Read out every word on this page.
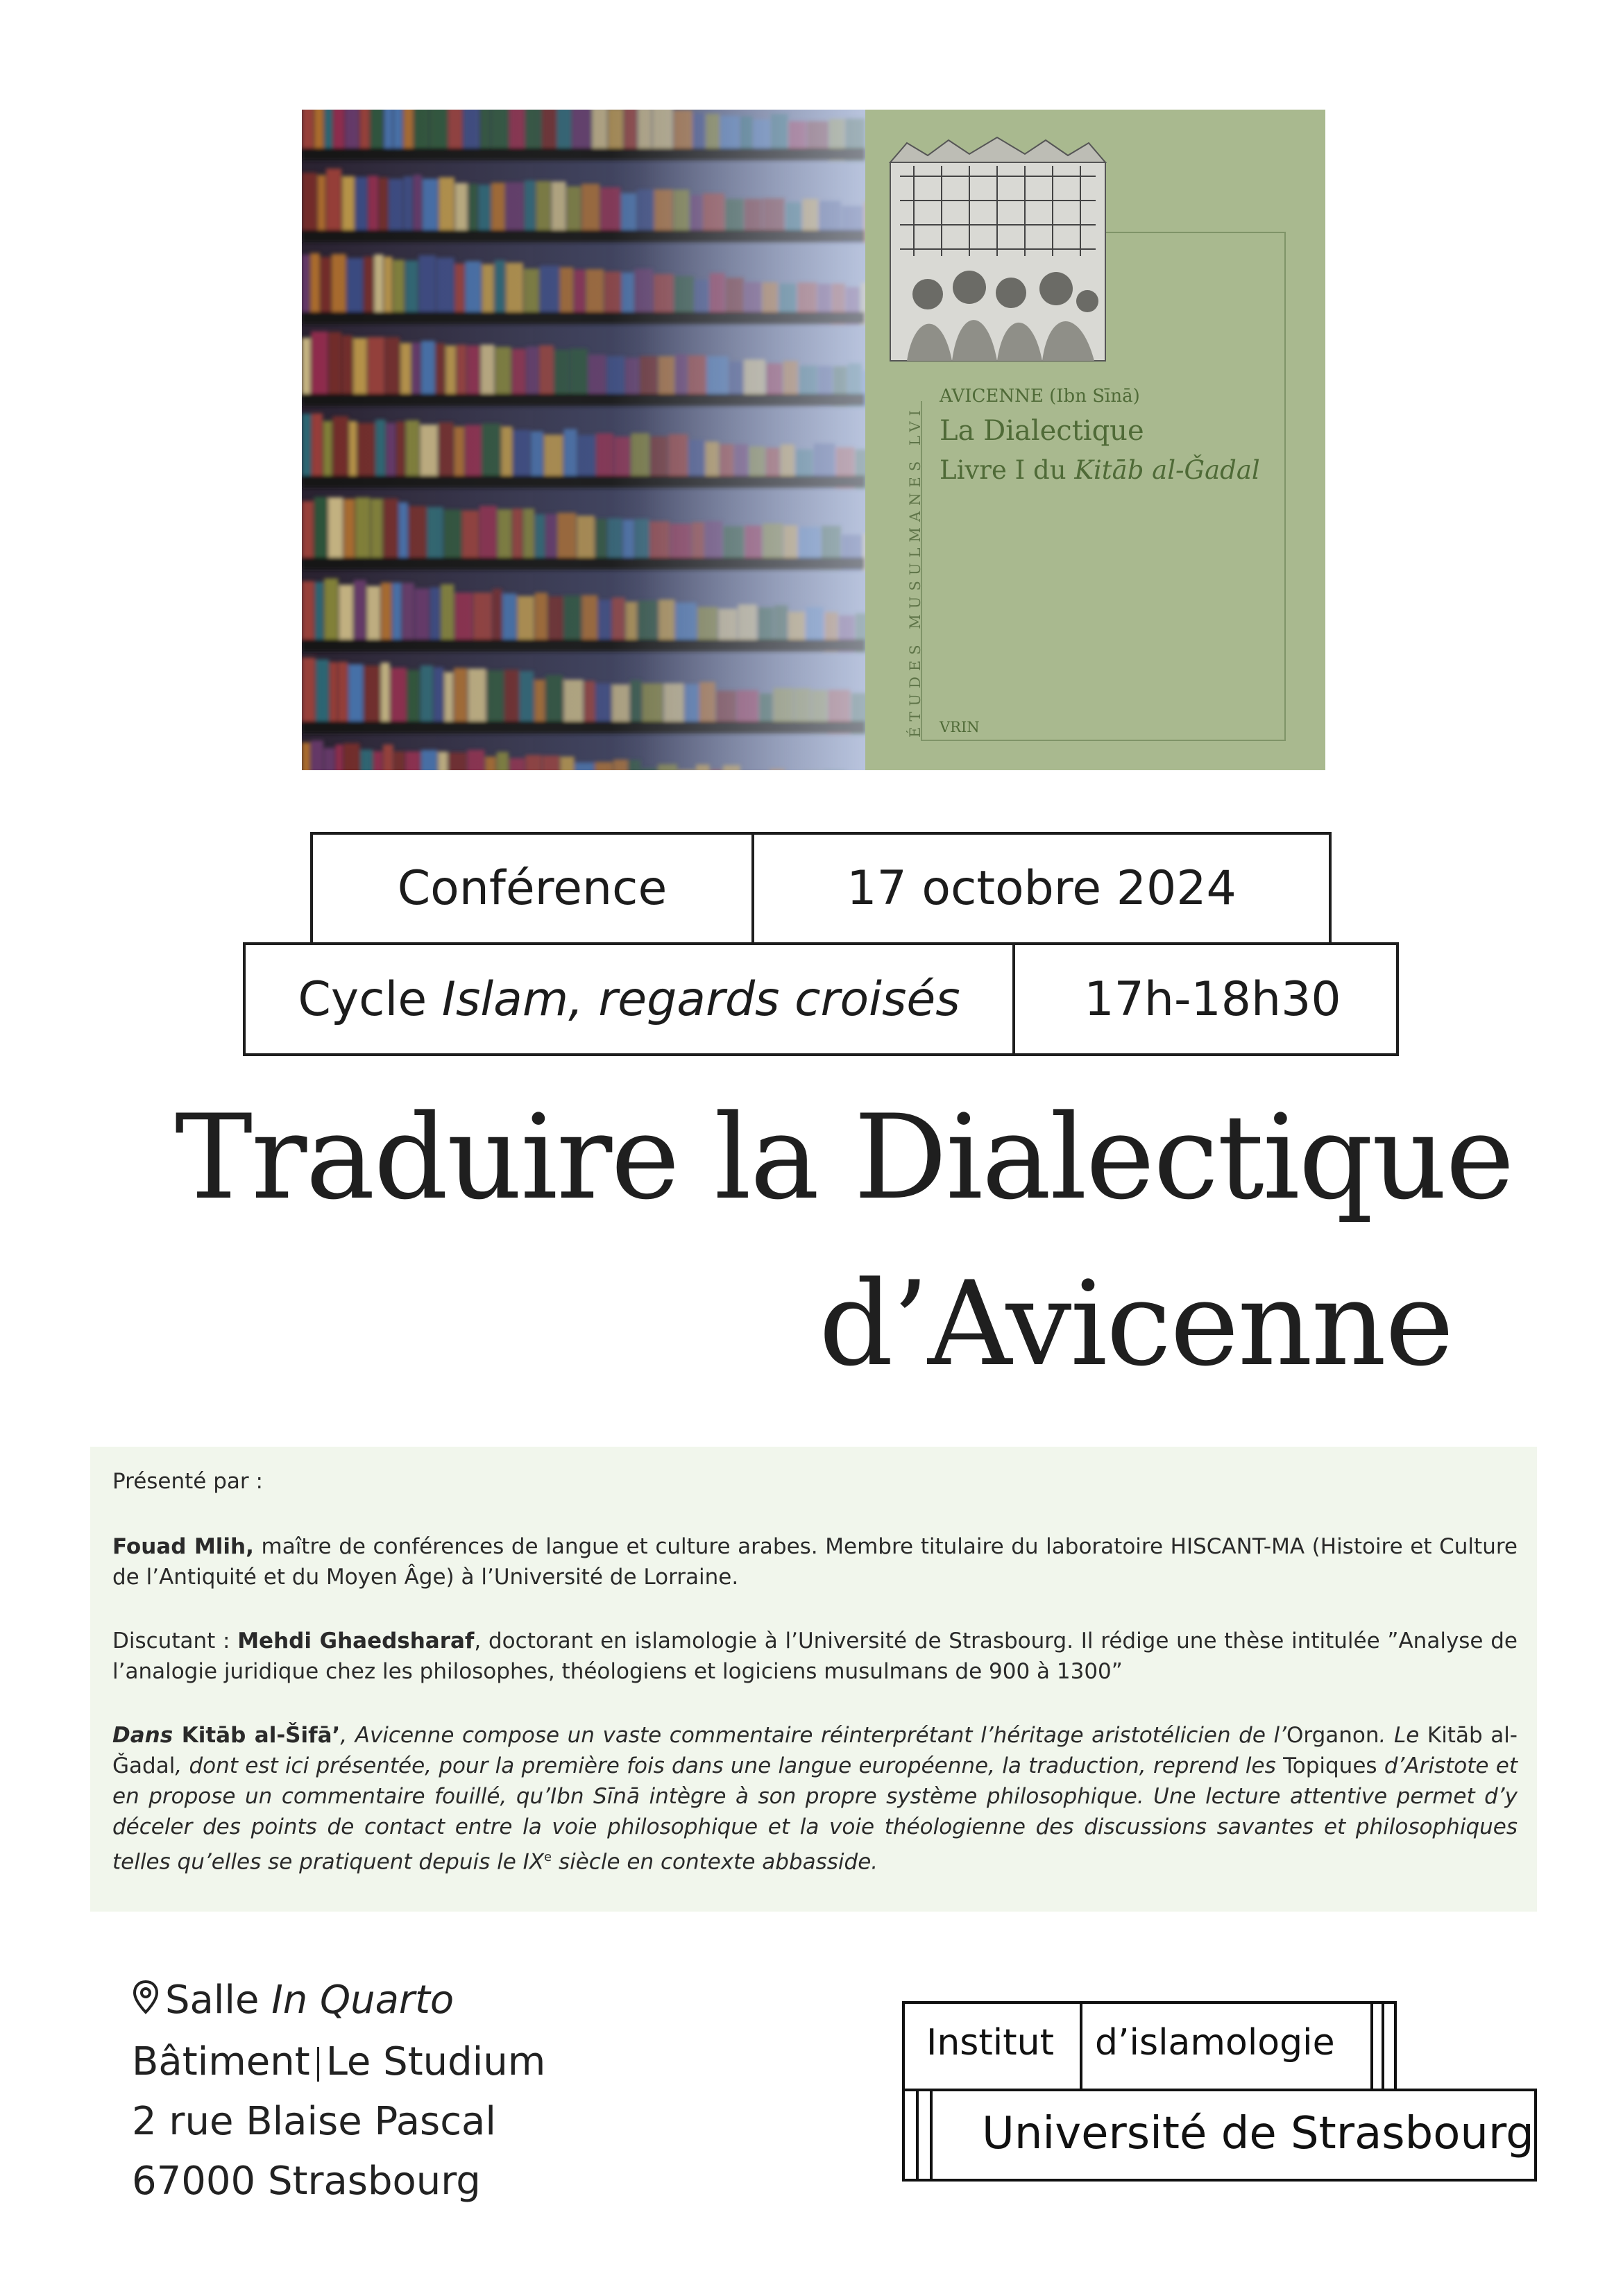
ÉTUDES MUSULMANES LVI
AVICENNE (Ibn Sīnā)
La Dialectique
Livre I du Kitāb al-Ǧadal
VRIN
Conférence	17 octobre 2024
Cycle Islam, regards croisés	17h-18h30
Traduire la Dialectique
d’Avicenne

Présenté par :

Fouad Mlih, maître de conférences de langue et culture arabes. Membre titulaire du laboratoire HISCANT-MA (Histoire et Culture de l’Antiquité et du Moyen Âge) à l’Université de Lorraine.

Discutant : Mehdi Ghaedsharaf, doctorant en islamologie à l’Université de Strasbourg. Il rédige une thèse intitulée ”Analyse de l’analogie juridique chez les philosophes, théologiens et logiciens musulmans de 900 à 1300”

Dans Kitāb al-Šifā’, Avicenne compose un vaste commentaire réinterprétant l’héritage aristotélicien de l’Organon. Le Kitāb al-Ǧadal, dont est ici présentée, pour la première fois dans une langue européenne, la traduction, reprend les Topiques d’Aristote et en propose un commentaire fouillé, qu’Ibn Sīnā intègre à son propre système philosophique. Une lecture attentive permet d’y déceler des points de contact entre la voie philosophique et la voie théologienne des discussions savantes et philosophiques telles qu’elles se pratiquent depuis le IXe siècle en contexte abbasside.

Salle In Quarto
Bâtiment Le Studium
2 rue Blaise Pascal
67000 Strasbourg
Institut d’islamologie
Université de Strasbourg
